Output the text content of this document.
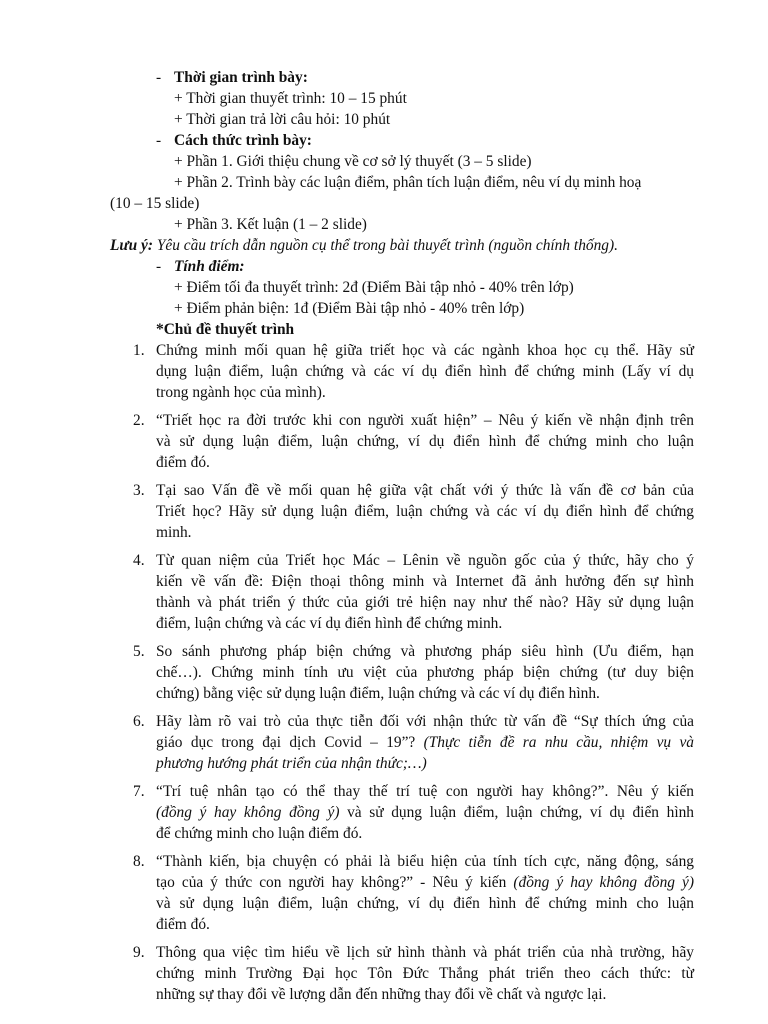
- Thời gian trình bày:
+ Thời gian thuyết trình: 10 – 15 phút
+ Thời gian trả lời câu hỏi: 10 phút
- Cách thức trình bày:
+ Phần 1. Giới thiệu chung về cơ sở lý thuyết (3 – 5 slide)
+ Phần 2. Trình bày các luận điểm, phân tích luận điểm, nêu ví dụ minh hoạ
(10 – 15 slide)
+ Phần 3. Kết luận (1 – 2 slide)
Lưu ý: Yêu cầu trích dẫn nguồn cụ thể trong bài thuyết trình (nguồn chính thống).
- Tính điểm:
+ Điểm tối đa thuyết trình: 2đ (Điểm Bài tập nhỏ - 40% trên lớp)
+ Điểm phản biện: 1đ (Điểm Bài tập nhỏ - 40% trên lớp)
*Chủ đề thuyết trình
1. Chứng minh mối quan hệ giữa triết học và các ngành khoa học cụ thể. Hãy sử
dụng luận điểm, luận chứng và các ví dụ điển hình để chứng minh (Lấy ví dụ
trong ngành học của mình).
2. “Triết học ra đời trước khi con người xuất hiện” – Nêu ý kiến về nhận định trên
và sử dụng luận điểm, luận chứng, ví dụ điển hình để chứng minh cho luận
điểm đó.
3. Tại sao Vấn đề về mối quan hệ giữa vật chất với ý thức là vấn đề cơ bản của
Triết học? Hãy sử dụng luận điểm, luận chứng và các ví dụ điển hình để chứng
minh.
4. Từ quan niệm của Triết học Mác – Lênin về nguồn gốc của ý thức, hãy cho ý
kiến về vấn đề: Điện thoại thông minh và Internet đã ảnh hưởng đến sự hình
thành và phát triển ý thức của giới trẻ hiện nay như thế nào? Hãy sử dụng luận
điểm, luận chứng và các ví dụ điển hình để chứng minh.
5. So sánh phương pháp biện chứng và phương pháp siêu hình (Ưu điểm, hạn
chế…). Chứng minh tính ưu việt của phương pháp biện chứng (tư duy biện
chứng) bằng việc sử dụng luận điểm, luận chứng và các ví dụ điển hình.
6. Hãy làm rõ vai trò của thực tiễn đối với nhận thức từ vấn đề “Sự thích ứng của
giáo dục trong đại dịch Covid – 19”? (Thực tiễn đề ra nhu cầu, nhiệm vụ và
phương hướng phát triển của nhận thức;…)
7. “Trí tuệ nhân tạo có thể thay thế trí tuệ con người hay không?”. Nêu ý kiến
(đồng ý hay không đồng ý) và sử dụng luận điểm, luận chứng, ví dụ điển hình
để chứng minh cho luận điểm đó.
8. “Thành kiến, bịa chuyện có phải là biểu hiện của tính tích cực, năng động, sáng
tạo của ý thức con người hay không?” - Nêu ý kiến (đồng ý hay không đồng ý)
và sử dụng luận điểm, luận chứng, ví dụ điển hình để chứng minh cho luận
điểm đó.
9. Thông qua việc tìm hiểu về lịch sử hình thành và phát triển của nhà trường, hãy
chứng minh Trường Đại học Tôn Đức Thắng phát triển theo cách thức: từ
những sự thay đổi về lượng dẫn đến những thay đổi về chất và ngược lại.
